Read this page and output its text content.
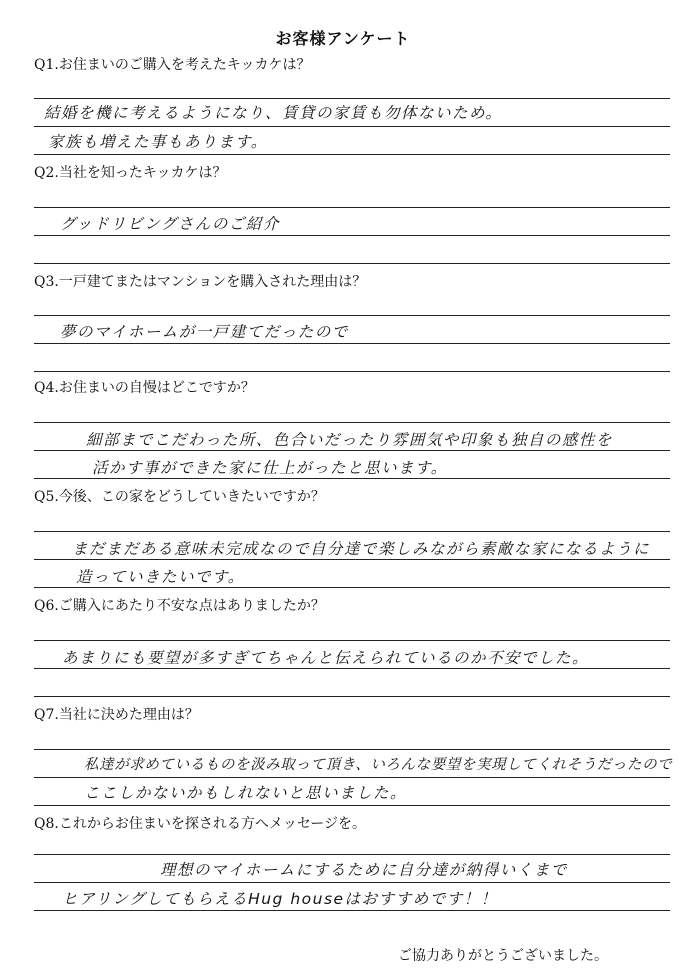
お客様アンケート
Q1.お住まいのご購入を考えたキッカケは？
結婚を機に考えるようになり、賃貸の家賃も勿体ないため。
家族も増えた事もあります。
Q2.当社を知ったキッカケは？
グッドリビングさんのご紹介
Q3.一戸建てまたはマンションを購入された理由は？
夢のマイホームが一戸建てだったので
Q4.お住まいの自慢はどこですか？
細部までこだわった所、色合いだったり雰囲気や印象も独自の感性を
活かす事ができた家に仕上がったと思います。
Q5.今後、この家をどうしていきたいですか？
まだまだある意味未完成なので自分達で楽しみながら素敵な家になるように
造っていきたいです。
Q6.ご購入にあたり不安な点はありましたか？
あまりにも要望が多すぎてちゃんと伝えられているのか不安でした。
Q7.当社に決めた理由は？
私達が求めているものを汲み取って頂き、いろんな要望を実現してくれそうだったので
ここしかないかもしれないと思いました。
Q8.これからお住まいを探される方へメッセージを。
理想のマイホームにするために自分達が納得いくまで
ヒアリングしてもらえるHug houseはおすすめです！！
ご協力ありがとうございました。
